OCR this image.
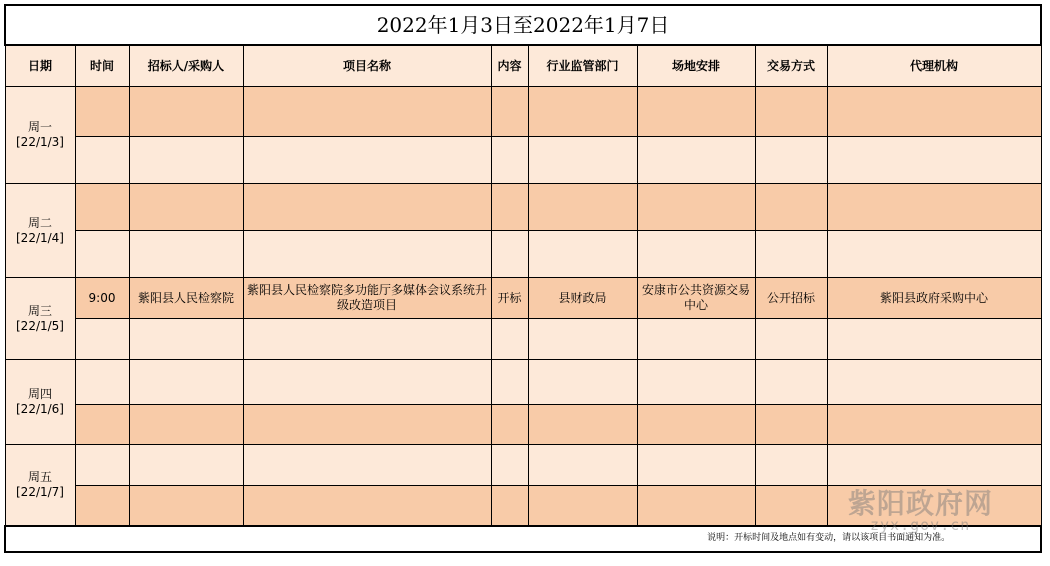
2022年1月3日至2022年1月7日								
日期	时间	招标人/采购人	项目名称	内容	行业监管部门	场地安排	交易方式	代理机构
周一
[22/1/3]								

周二
[22/1/4]								

周三
[22/1/5]	9:00	紫阳县人民检察院	紫阳县人民检察院多功能厅多媒体会议系统升级改造项目	开标	县财政局	安康市公共资源交易中心	公开招标	紫阳县政府采购中心

周四
[22/1/6]								

周五
[22/1/7]								

说明：开标时间及地点如有变动，请以该项目书面通知为准。								
紫阳政府网
zyx.gov.cn
